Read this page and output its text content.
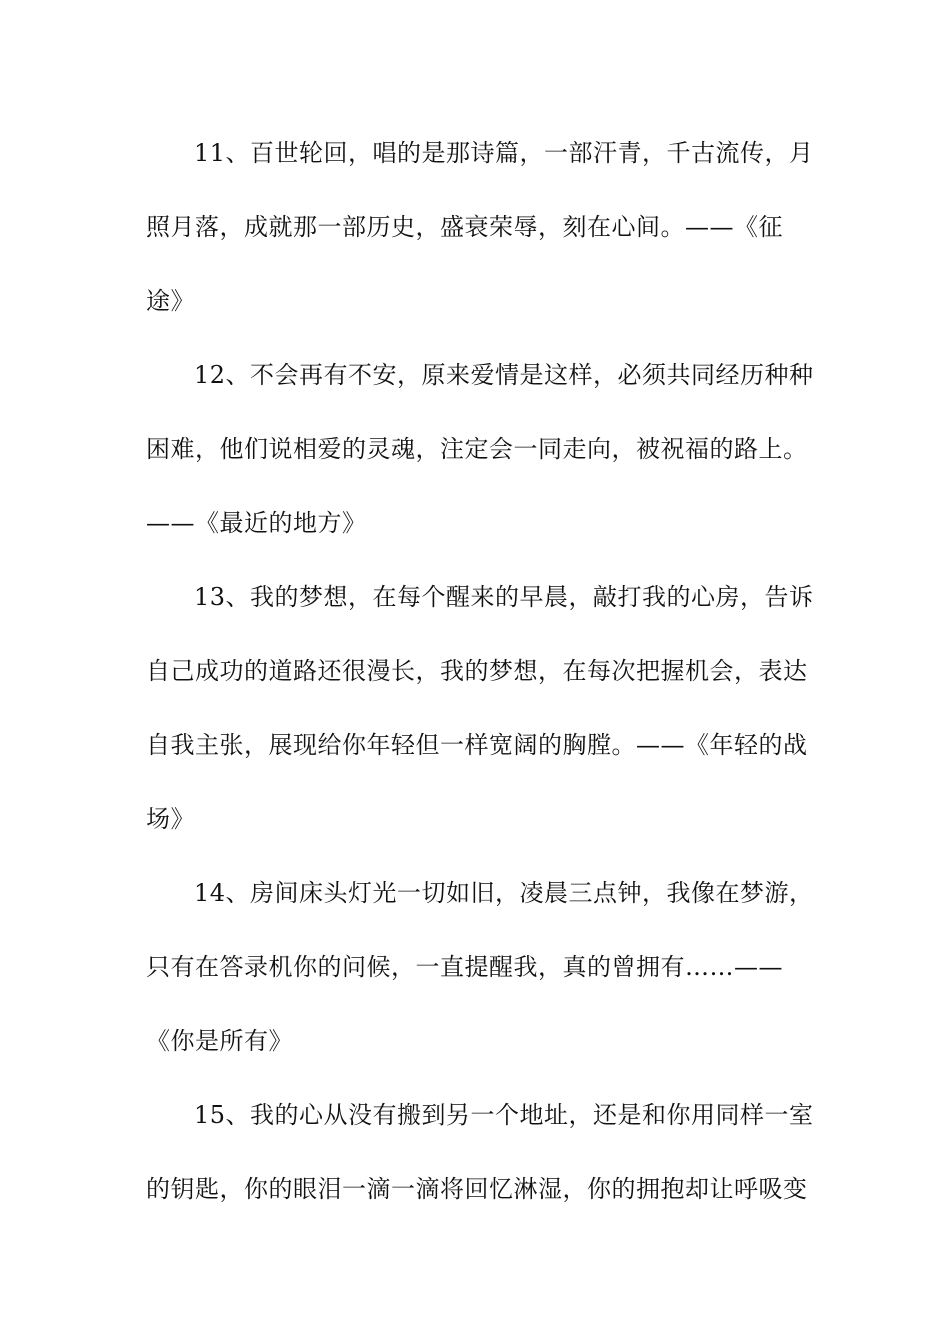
11、百世轮回，唱的是那诗篇，一部汗青，千古流传，月
照月落，成就那一部历史，盛衰荣辱，刻在心间。——《征
途》
12、不会再有不安，原来爱情是这样，必须共同经历种种
困难，他们说相爱的灵魂，注定会一同走向，被祝福的路上。
——《最近的地方》
13、我的梦想，在每个醒来的早晨，敲打我的心房，告诉
自己成功的道路还很漫长，我的梦想，在每次把握机会，表达
自我主张，展现给你年轻但一样宽阔的胸膛。——《年轻的战
场》
14、房间床头灯光一切如旧，凌晨三点钟，我像在梦游，
只有在答录机你的问候，一直提醒我，真的曾拥有……——
《你是所有》
15、我的心从没有搬到另一个地址，还是和你用同样一室
的钥匙，你的眼泪一滴一滴将回忆淋湿，你的拥抱却让呼吸变
